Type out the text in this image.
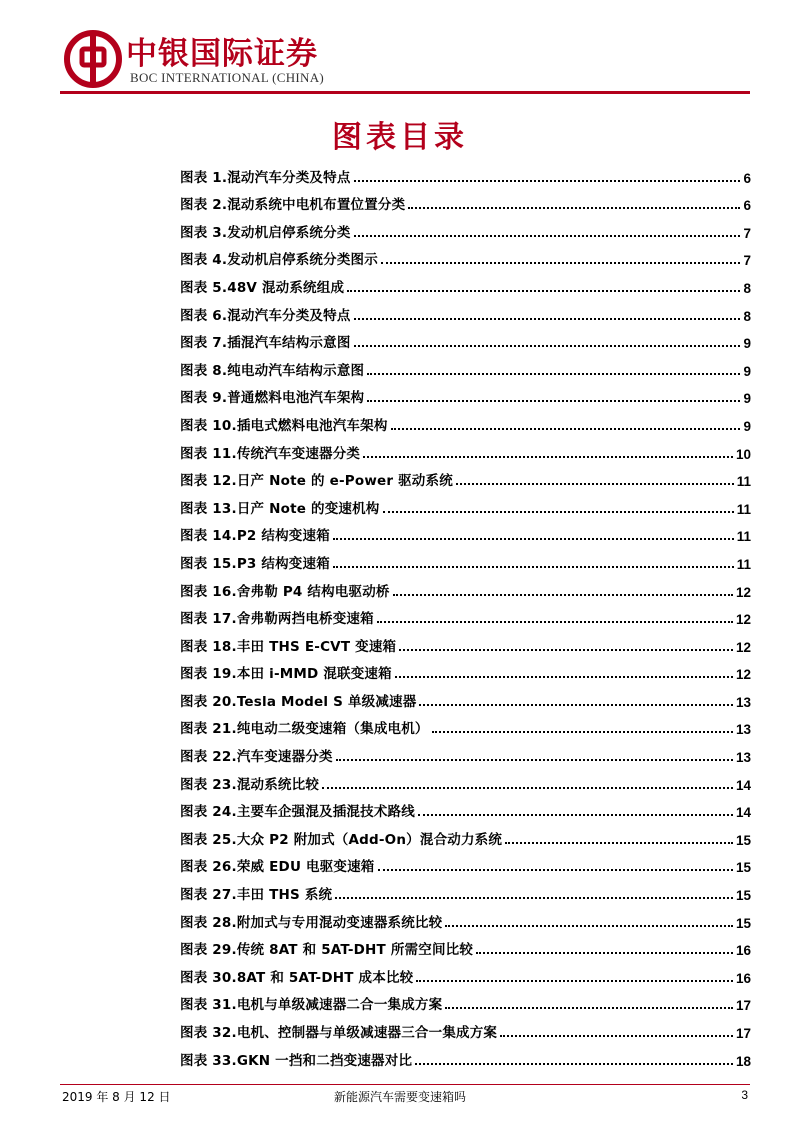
中银国际证券
BOC INTERNATIONAL (CHINA)
图表目录
图表 1.混动汽车分类及特点	6
图表 2.混动系统中电机布置位置分类	6
图表 3.发动机启停系统分类	7
图表 4.发动机启停系统分类图示	7
图表 5.48V 混动系统组成	8
图表 6.混动汽车分类及特点	8
图表 7.插混汽车结构示意图	9
图表 8.纯电动汽车结构示意图	9
图表 9.普通燃料电池汽车架构	9
图表 10.插电式燃料电池汽车架构	9
图表 11.传统汽车变速器分类	10
图表 12.日产 Note 的 e-Power 驱动系统	11
图表 13.日产 Note 的变速机构	11
图表 14.P2 结构变速箱	11
图表 15.P3 结构变速箱	11
图表 16.舍弗勒 P4 结构电驱动桥	12
图表 17.舍弗勒两挡电桥变速箱	12
图表 18.丰田 THS E-CVT 变速箱	12
图表 19.本田 i-MMD 混联变速箱	12
图表 20.Tesla Model S 单级减速器	13
图表 21.纯电动二级变速箱（集成电机）	13
图表 22.汽车变速器分类	13
图表 23.混动系统比较	14
图表 24.主要车企强混及插混技术路线	14
图表 25.大众 P2 附加式（Add-On）混合动力系统	15
图表 26.荣威 EDU 电驱变速箱	15
图表 27.丰田 THS 系统	15
图表 28.附加式与专用混动变速器系统比较	15
图表 29.传统 8AT 和 5AT-DHT 所需空间比较	16
图表 30.8AT 和 5AT-DHT 成本比较	16
图表 31.电机与单级减速器二合一集成方案	17
图表 32.电机、控制器与单级减速器三合一集成方案	17
图表 33.GKN 一挡和二挡变速器对比	18
2019 年 8 月 12 日	新能源汽车需要变速箱吗	3
